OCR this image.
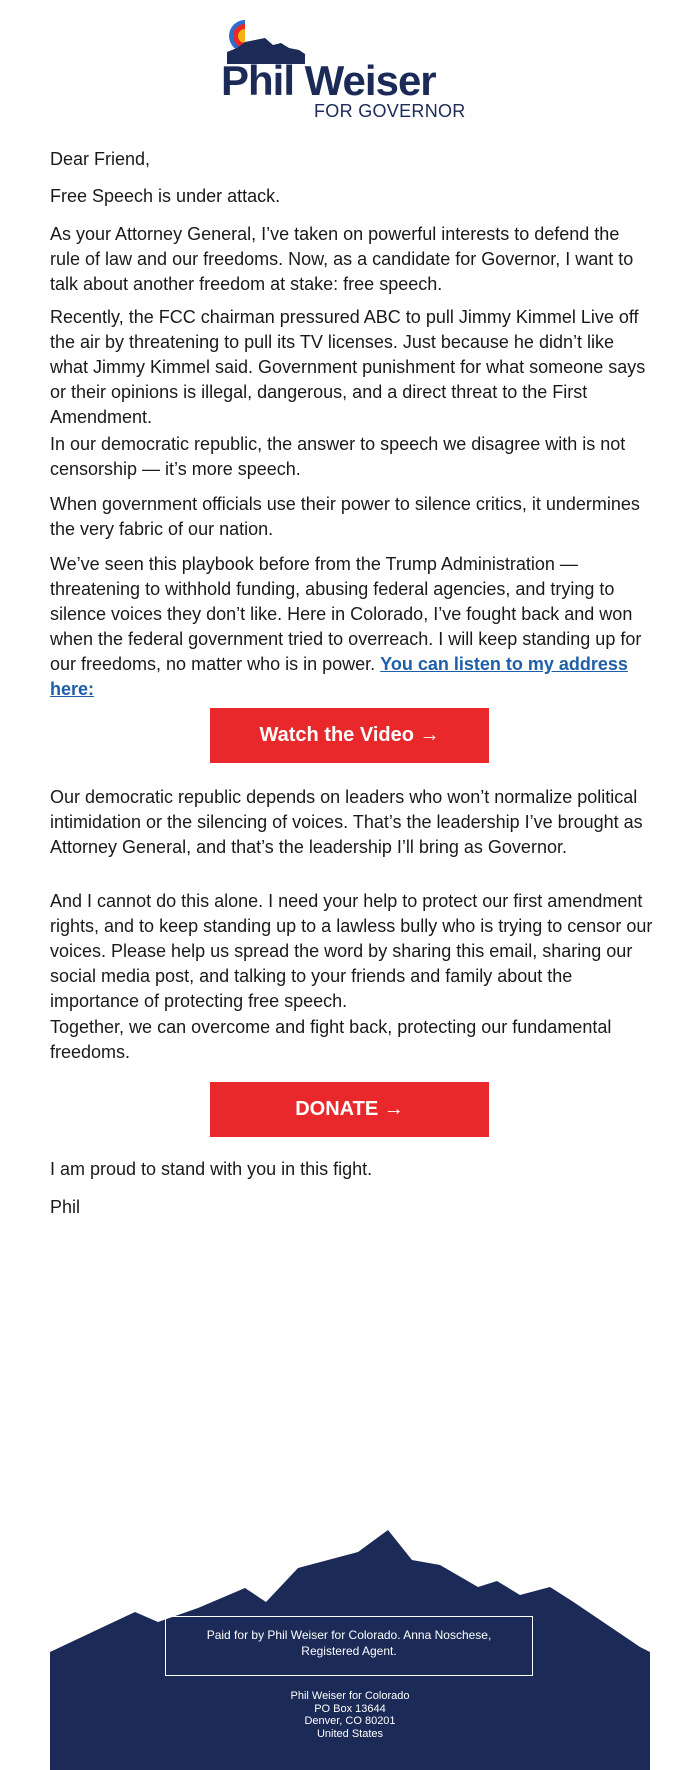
Phil Weiser
FOR GOVERNOR

Dear Friend,

Free Speech is under attack.

As your Attorney General, I’ve taken on powerful interests to defend the rule of law and our freedoms. Now, as a candidate for Governor, I want to talk about another freedom at stake: free speech.

Recently, the FCC chairman pressured ABC to pull Jimmy Kimmel Live off the air by threatening to pull its TV licenses. Just because he didn’t like what Jimmy Kimmel said. Government punishment for what someone says or their opinions is illegal, dangerous, and a direct threat to the First Amendment.

In our democratic republic, the answer to speech we disagree with is not censorship — it’s more speech.

When government officials use their power to silence critics, it undermines the very fabric of our nation.

We’ve seen this playbook before from the Trump Administration — threatening to withhold funding, abusing federal agencies, and trying to silence voices they don’t like. Here in Colorado, I’ve fought back and won when the federal government tried to overreach. I will keep standing up for our freedoms, no matter who is in power. You can listen to my address here:

Watch the Video →

Our democratic republic depends on leaders who won’t normalize political intimidation or the silencing of voices. That’s the leadership I’ve brought as Attorney General, and that’s the leadership I’ll bring as Governor.

And I cannot do this alone. I need your help to protect our first amendment rights, and to keep standing up to a lawless bully who is trying to censor our voices. Please help us spread the word by sharing this email, sharing our social media post, and talking to your friends and family about the importance of protecting free speech.

Together, we can overcome and fight back, protecting our fundamental freedoms.

DONATE →

I am proud to stand with you in this fight.

Phil

Make sure this email goes to your inbox. Add teamphil@philforcolorado.com to your address book.
This campaign is powered by grassroots donations. You can click here to make a donation to support Phil's campaign to become Colorado's next governor. Email is a key way for us to stay in touch and make sure you get the latest updates from our campaign. But if you would like to unsubscribe, click here.
Paid for by Phil Weiser for Colorado. Anna Noschese, Registered Agent.
Phil Weiser for Colorado
PO Box 13644
Denver, CO 80201
United States
